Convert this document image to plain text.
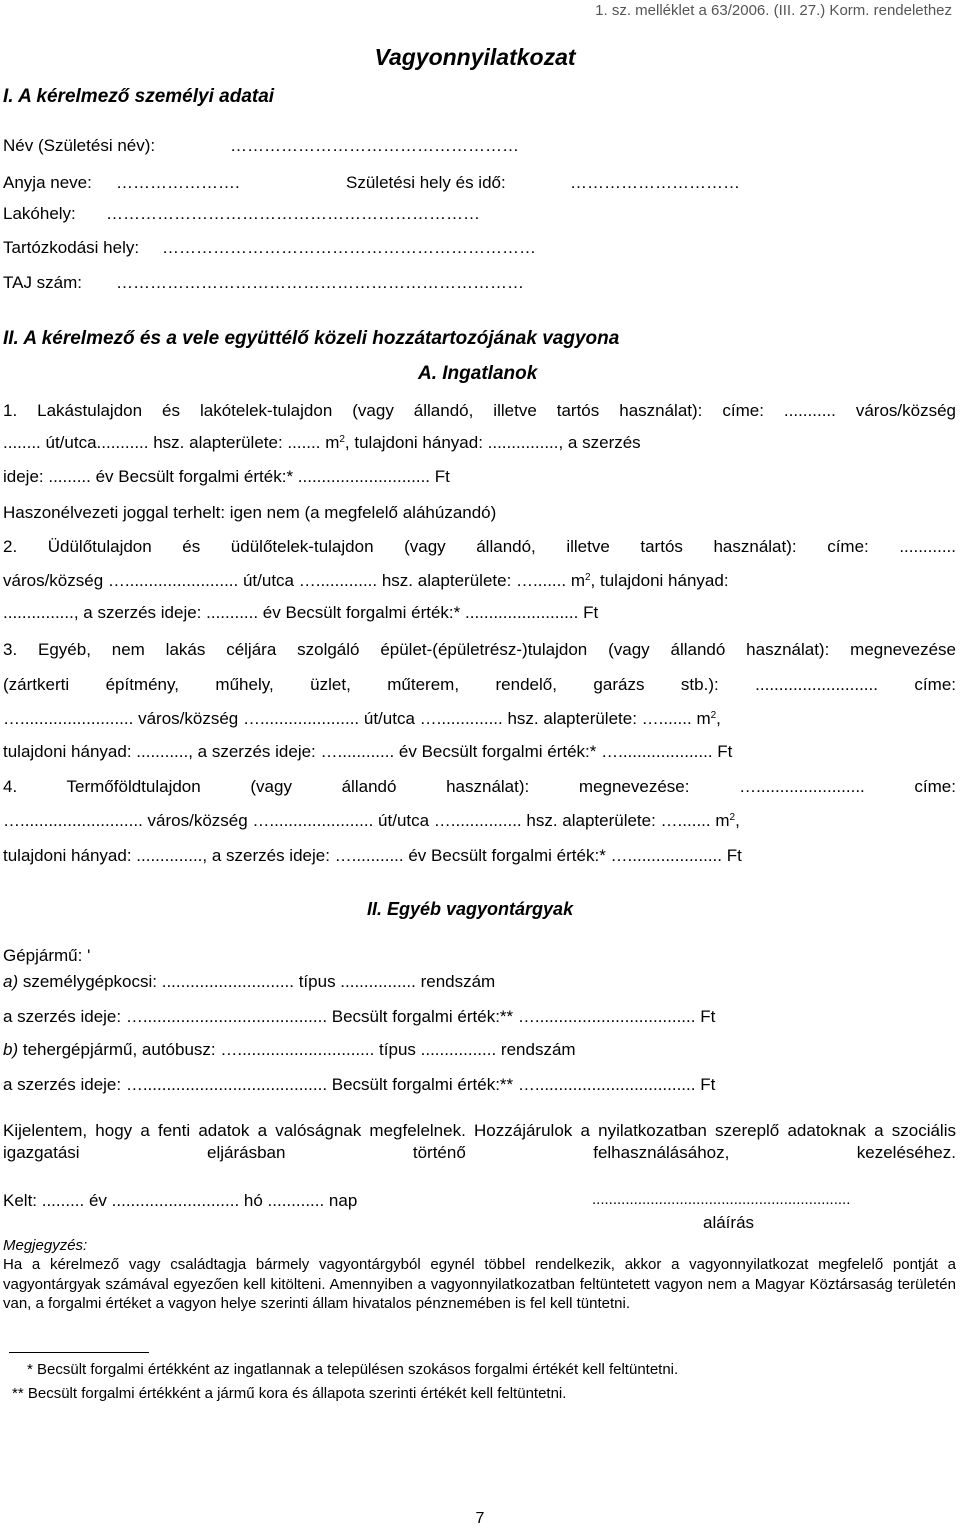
1. sz. melléklet a 63/2006. (III. 27.) Korm. rendelethez
Vagyonnyilatkozat
I. A kérelmező személyi adatai
Név (Születési név):	……………………………………………
Anyja neve: ………………….	Születési hely és idő:	…………………………
Lakóhely: …………………………………………………………
Tartózkodási hely: …………………………………………………………
TAJ szám: ………………………………………………………………
II. A kérelmező és a vele együttélő közeli hozzátartozójának vagyona
A. Ingatlanok
1. Lakástulajdon és lakótelek-tulajdon (vagy állandó, illetve tartós használat): címe: ........... város/község
........ út/utca........... hsz. alapterülete: ....... $m^2$, tulajdoni hányad: ..............., a szerzés
ideje: ......... év Becsült forgalmi érték:* ............................ Ft
Haszonélvezeti joggal terhelt: igen nem (a megfelelő aláhúzandó)
2. Üdülőtulajdon és üdülőtelek-tulajdon (vagy állandó, illetve tartós használat): címe: ............
város/község …........................ út/utca …............. hsz. alapterülete: …....... $m^2$, tulajdoni hányad:
..............., a szerzés ideje: ........... év Becsült forgalmi érték:* ........................ Ft
3. Egyéb, nem lakás céljára szolgáló épület-(épületrész-)tulajdon (vagy állandó használat): megnevezése
(zártkerti építmény, műhely, üzlet, műterem, rendelő, garázs stb.): .......................... címe:
…........................ város/község …..................... út/utca ….............. hsz. alapterülete: …....... $m^2$,
tulajdoni hányad: ..........., a szerzés ideje: …............ év Becsült forgalmi érték:* ….................... Ft
4. Termőföldtulajdon (vagy állandó használat): megnevezése: …....................... címe:
….......................... város/község …...................... út/utca …............... hsz. alapterülete: …....... $m^2$,
tulajdoni hányad: .............., a szerzés ideje: …........... év Becsült forgalmi érték:* ….................... Ft
II. Egyéb vagyontárgyak
Gépjármű: '
a) személygépkocsi: ............................ típus ................ rendszám
a szerzés ideje: …....................................... Becsült forgalmi érték:** ….................................. Ft
b) tehergépjármű, autóbusz: …............................. típus ................ rendszám
a szerzés ideje: …....................................... Becsült forgalmi érték:** ….................................. Ft
Kijelentem, hogy a fenti adatok a valóságnak megfelelnek. Hozzájárulok a nyilatkozatban szereplő adatoknak a szociális igazgatási eljárásban történő felhasználásához, kezeléséhez.
Kelt: ......... év ........................... hó ............ nap	..............................................................
aláírás
Megjegyzés:
Ha a kérelmező vagy családtagja bármely vagyontárgyból egynél többel rendelkezik, akkor a vagyonnyilatkozat megfelelő pontját a vagyontárgyak számával egyezően kell kitölteni. Amennyiben a vagyonnyilatkozatban feltüntetett vagyon nem a Magyar Köztársaság területén van, a forgalmi értéket a vagyon helye szerinti állam hivatalos pénznemében is fel kell tüntetni.
* Becsült forgalmi értékként az ingatlannak a településen szokásos forgalmi értékét kell feltüntetni.
** Becsült forgalmi értékként a jármű kora és állapota szerinti értékét kell feltüntetni.
7
